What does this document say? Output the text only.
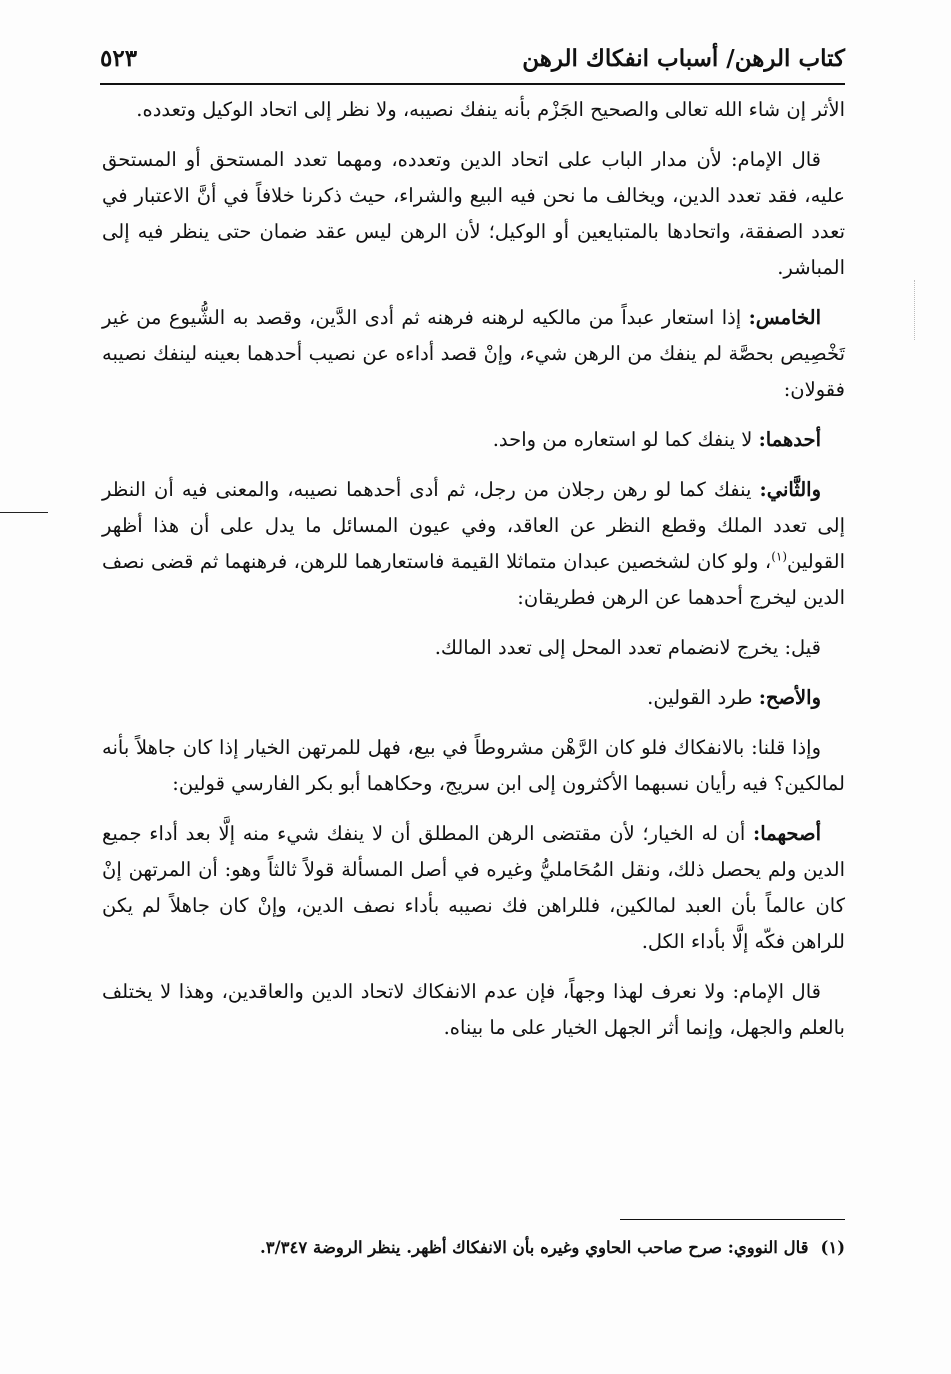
كتاب الرهن/ أسباب انفكاك الرهن
٥٢٣

الأثر إن شاء الله تعالى والصحيح الجَزْم بأنه ينفك نصيبه، ولا نظر إلى اتحاد الوكيل وتعدده.

قال الإمام: لأن مدار الباب على اتحاد الدين وتعدده، ومهما تعدد المستحق أو المستحق عليه، فقد تعدد الدين، ويخالف ما نحن فيه البيع والشراء، حيث ذكرنا خلافاً في أنَّ الاعتبار في تعدد الصفقة، واتحادها بالمتبايعين أو الوكيل؛ لأن الرهن ليس عقد ضمان حتى ينظر فيه إلى المباشر.

الخامس: إذا استعار عبداً من مالكيه لرهنه فرهنه ثم أدى الدَّين، وقصد به الشُّيوع من غير تَخْصِيص بحصَّة لم ينفك من الرهن شيء، وإنْ قصد أداءه عن نصيب أحدهما بعينه لينفك نصيبه فقولان:

أحدهما: لا ينفك كما لو استعاره من واحد.

والثَّاني: ينفك كما لو رهن رجلان من رجل، ثم أدى أحدهما نصيبه، والمعنى فيه أن النظر إلى تعدد الملك وقطع النظر عن العاقد، وفي عيون المسائل ما يدل على أن هذا أظهر القولين$^{(١)}$، ولو كان لشخصين عبدان متماثلا القيمة فاستعارهما للرهن، فرهنهما ثم قضى نصف الدين ليخرج أحدهما عن الرهن فطريقان:

قيل: يخرج لانضمام تعدد المحل إلى تعدد المالك.

والأصح: طرد القولين.

وإذا قلنا: بالانفكاك فلو كان الرَّهْن مشروطاً في بيع، فهل للمرتهن الخيار إذا كان جاهلاً بأنه لمالكين؟ فيه رأيان نسبهما الأكثرون إلى ابن سريج، وحكاهما أبو بكر الفارسي قولين:

أصحهما: أن له الخيار؛ لأن مقتضى الرهن المطلق أن لا ينفك شيء منه إلَّا بعد أداء جميع الدين ولم يحصل ذلك، ونقل المُحَامليُّ وغيره في أصل المسألة قولاً ثالثاً وهو: أن المرتهن إنْ كان عالماً بأن العبد لمالكين، فللراهن فك نصيبه بأداء نصف الدين، وإنْ كان جاهلاً لم يكن للراهن فكّه إلَّا بأداء الكل.

قال الإمام: ولا نعرف لهذا وجهاً، فإن عدم الانفكاك لاتحاد الدين والعاقدين، وهذا لا يختلف بالعلم والجهل، وإنما أثر الجهل الخيار على ما بيناه.

(١)
قال النووي: صرح صاحب الحاوي وغيره بأن الانفكاك أظهر. ينظر الروضة ٣/٣٤٧.
